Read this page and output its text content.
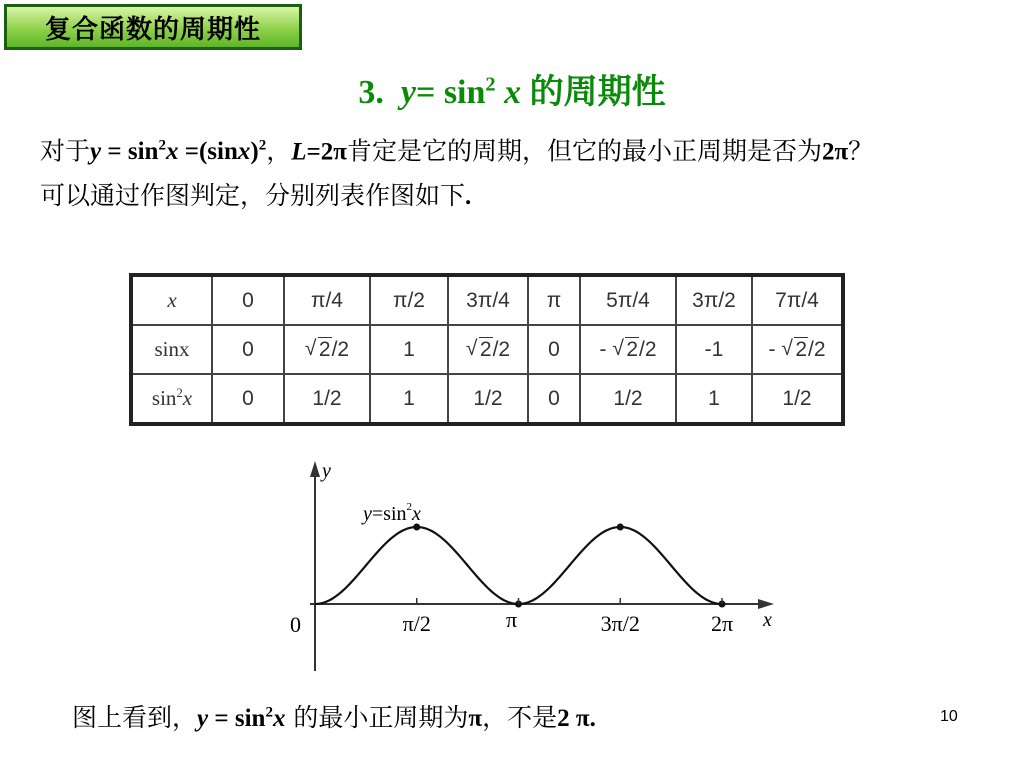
复合函数的周期性
3. $y= \sin^2 x$ 的周期性
对于$y = \sin^2x =(\sin x)^2$，L=2π肯定是它的周期，但它的最小正周期是否为2π？
可以通过作图判定，分别列表作图如下.
x	0	π/4	π/2	3π/4	π	5π/4	3π/2	7π/4
sinx	0	√ 2/2	1	√ 2/2	0	- √ 2/2	-1	- √ 2/2
$\sin^2x$	0	1/2	1	1/2	0	1/2	1	1/2
π/2	π	3π/2	2π
y
x
0
$y=\sin^2x$
图上看到，$y = \sin^2x$ 的最小正周期为π，不是2 π.	10
